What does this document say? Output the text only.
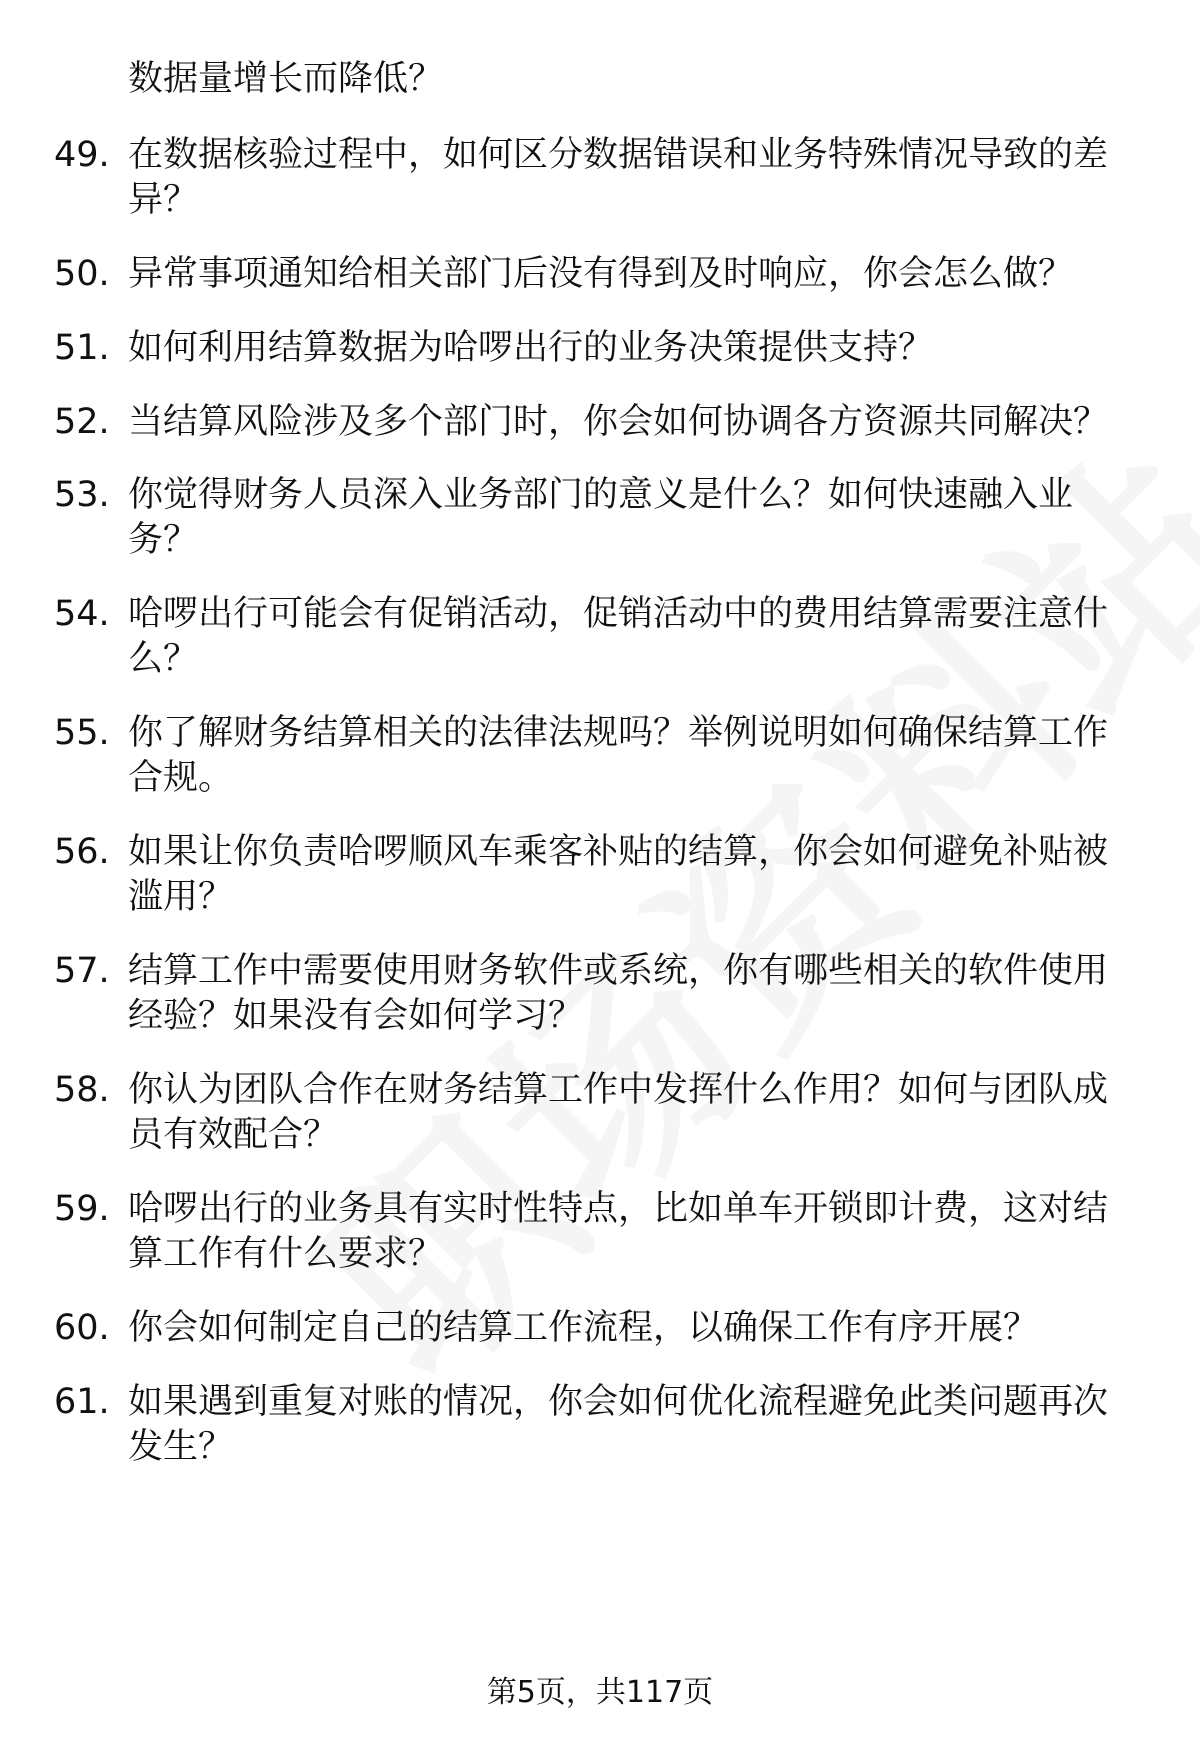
数据量增长而降低？
49. 在数据核验过程中，如何区分数据错误和业务特殊情况导致的差
异？
50. 异常事项通知给相关部门后没有得到及时响应，你会怎么做？
51. 如何利用结算数据为哈啰出行的业务决策提供支持？
52. 当结算风险涉及多个部门时，你会如何协调各方资源共同解决？
53. 你觉得财务人员深入业务部门的意义是什么？如何快速融入业
务？
54. 哈啰出行可能会有促销活动，促销活动中的费用结算需要注意什
么？
55. 你了解财务结算相关的法律法规吗？举例说明如何确保结算工作
合规。
56. 如果让你负责哈啰顺风车乘客补贴的结算，你会如何避免补贴被
滥用？
57. 结算工作中需要使用财务软件或系统，你有哪些相关的软件使用
经验？如果没有会如何学习？
58. 你认为团队合作在财务结算工作中发挥什么作用？如何与团队成
员有效配合？
59. 哈啰出行的业务具有实时性特点，比如单车开锁即计费，这对结
算工作有什么要求？
60. 你会如何制定自己的结算工作流程，以确保工作有序开展？
61. 如果遇到重复对账的情况，你会如何优化流程避免此类问题再次
发生？
第5页，共117页
